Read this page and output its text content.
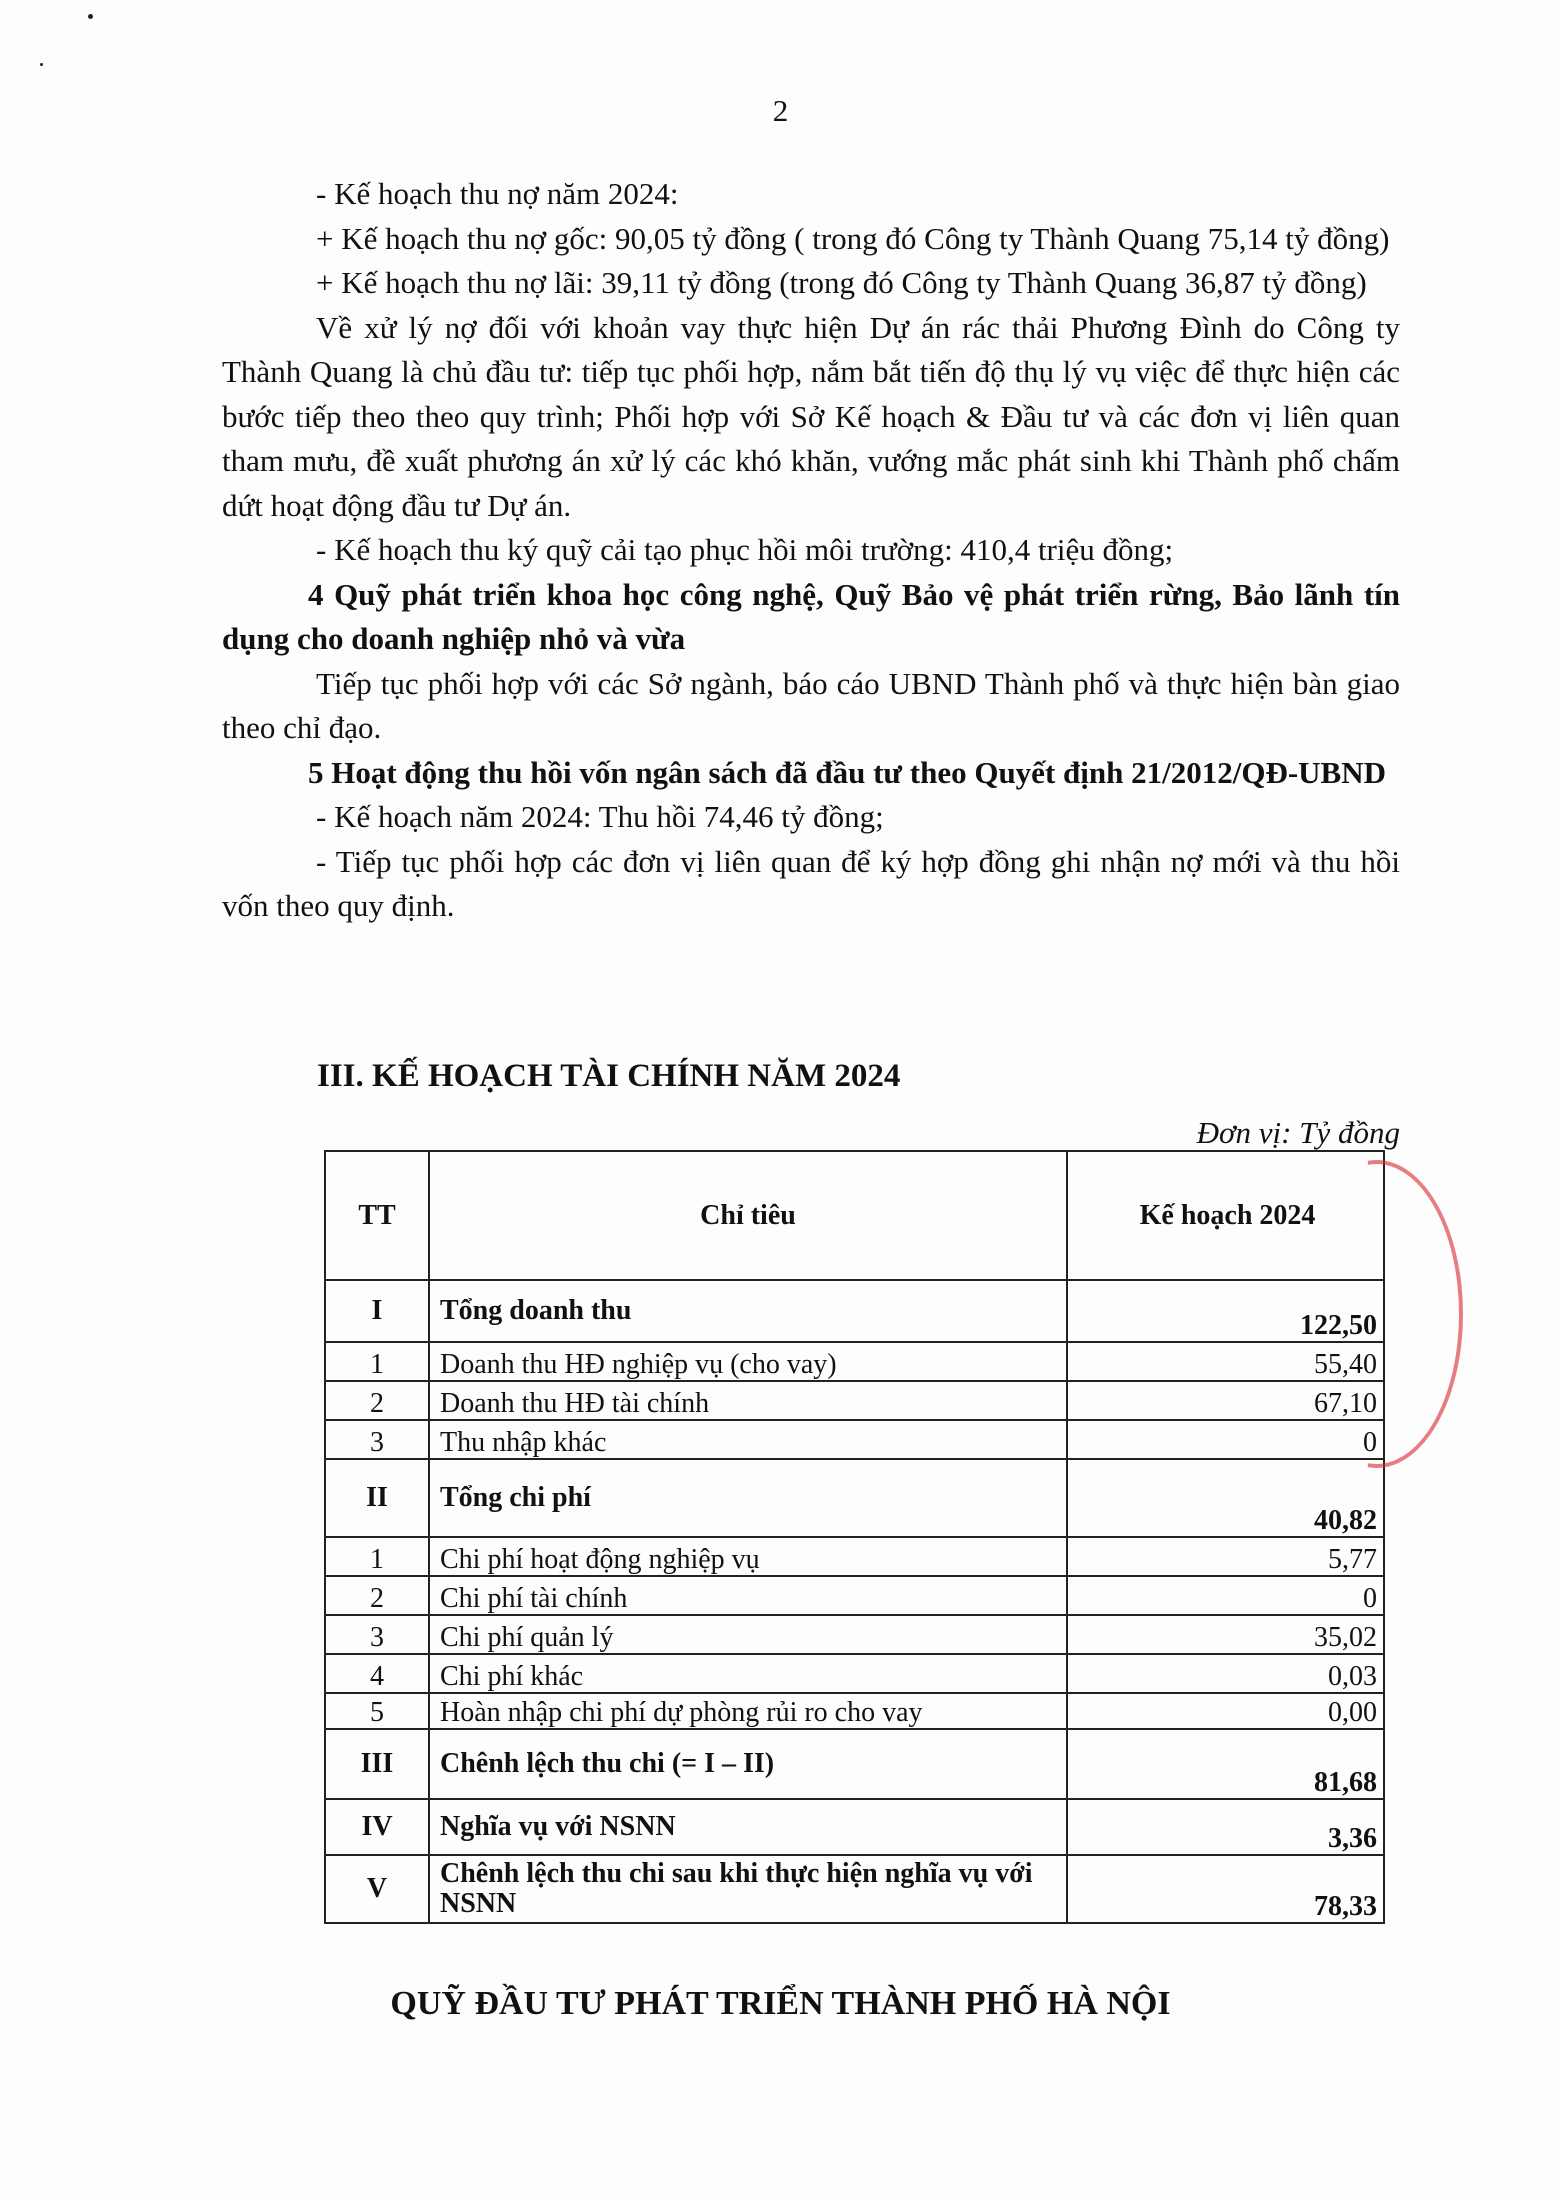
2

- Kế hoạch thu nợ năm 2024:

+ Kế hoạch thu nợ gốc: 90,05 tỷ đồng ( trong đó Công ty Thành Quang 75,14 tỷ đồng)

+ Kế hoạch thu nợ lãi: 39,11 tỷ đồng (trong đó Công ty Thành Quang 36,87 tỷ đồng)

Về xử lý nợ đối với khoản vay thực hiện Dự án rác thải Phương Đình do Công ty Thành Quang là chủ đầu tư: tiếp tục phối hợp, nắm bắt tiến độ thụ lý vụ việc để thực hiện các bước tiếp theo theo quy trình; Phối hợp với Sở Kế hoạch & Đầu tư và các đơn vị liên quan tham mưu, đề xuất phương án xử lý các khó khăn, vướng mắc phát sinh khi Thành phố chấm dứt hoạt động đầu tư Dự án.

- Kế hoạch thu ký quỹ cải tạo phục hồi môi trường: 410,4 triệu đồng;

4 Quỹ phát triển khoa học công nghệ, Quỹ Bảo vệ phát triển rừng, Bảo lãnh tín dụng cho doanh nghiệp nhỏ và vừa

Tiếp tục phối hợp với các Sở ngành, báo cáo UBND Thành phố và thực hiện bàn giao theo chỉ đạo.

5 Hoạt động thu hồi vốn ngân sách đã đầu tư theo Quyết định 21/2012/QĐ-UBND

- Kế hoạch năm 2024: Thu hồi 74,46 tỷ đồng;

- Tiếp tục phối hợp các đơn vị liên quan để ký hợp đồng ghi nhận nợ mới và thu hồi vốn theo quy định.

III. KẾ HOẠCH TÀI CHÍNH NĂM 2024
Đơn vị: Tỷ đồng
TT	Chỉ tiêu	Kế hoạch 2024
I	Tổng doanh thu	122,50
1	Doanh thu HĐ nghiệp vụ (cho vay)	55,40
2	Doanh thu HĐ tài chính	67,10
3	Thu nhập khác	0
II	Tổng chi phí	40,82
1	Chi phí hoạt động nghiệp vụ	5,77
2	Chi phí tài chính	0
3	Chi phí quản lý	35,02
4	Chi phí khác	0,03
5	Hoàn nhập chi phí dự phòng rủi ro cho vay	0,00
III	Chênh lệch thu chi (= I – II)	81,68
IV	Nghĩa vụ với NSNN	3,36
V	Chênh lệch thu chi sau khi thực hiện nghĩa vụ với NSNN	78,33
QUỸ ĐẦU TƯ PHÁT TRIỂN THÀNH PHỐ HÀ NỘI
